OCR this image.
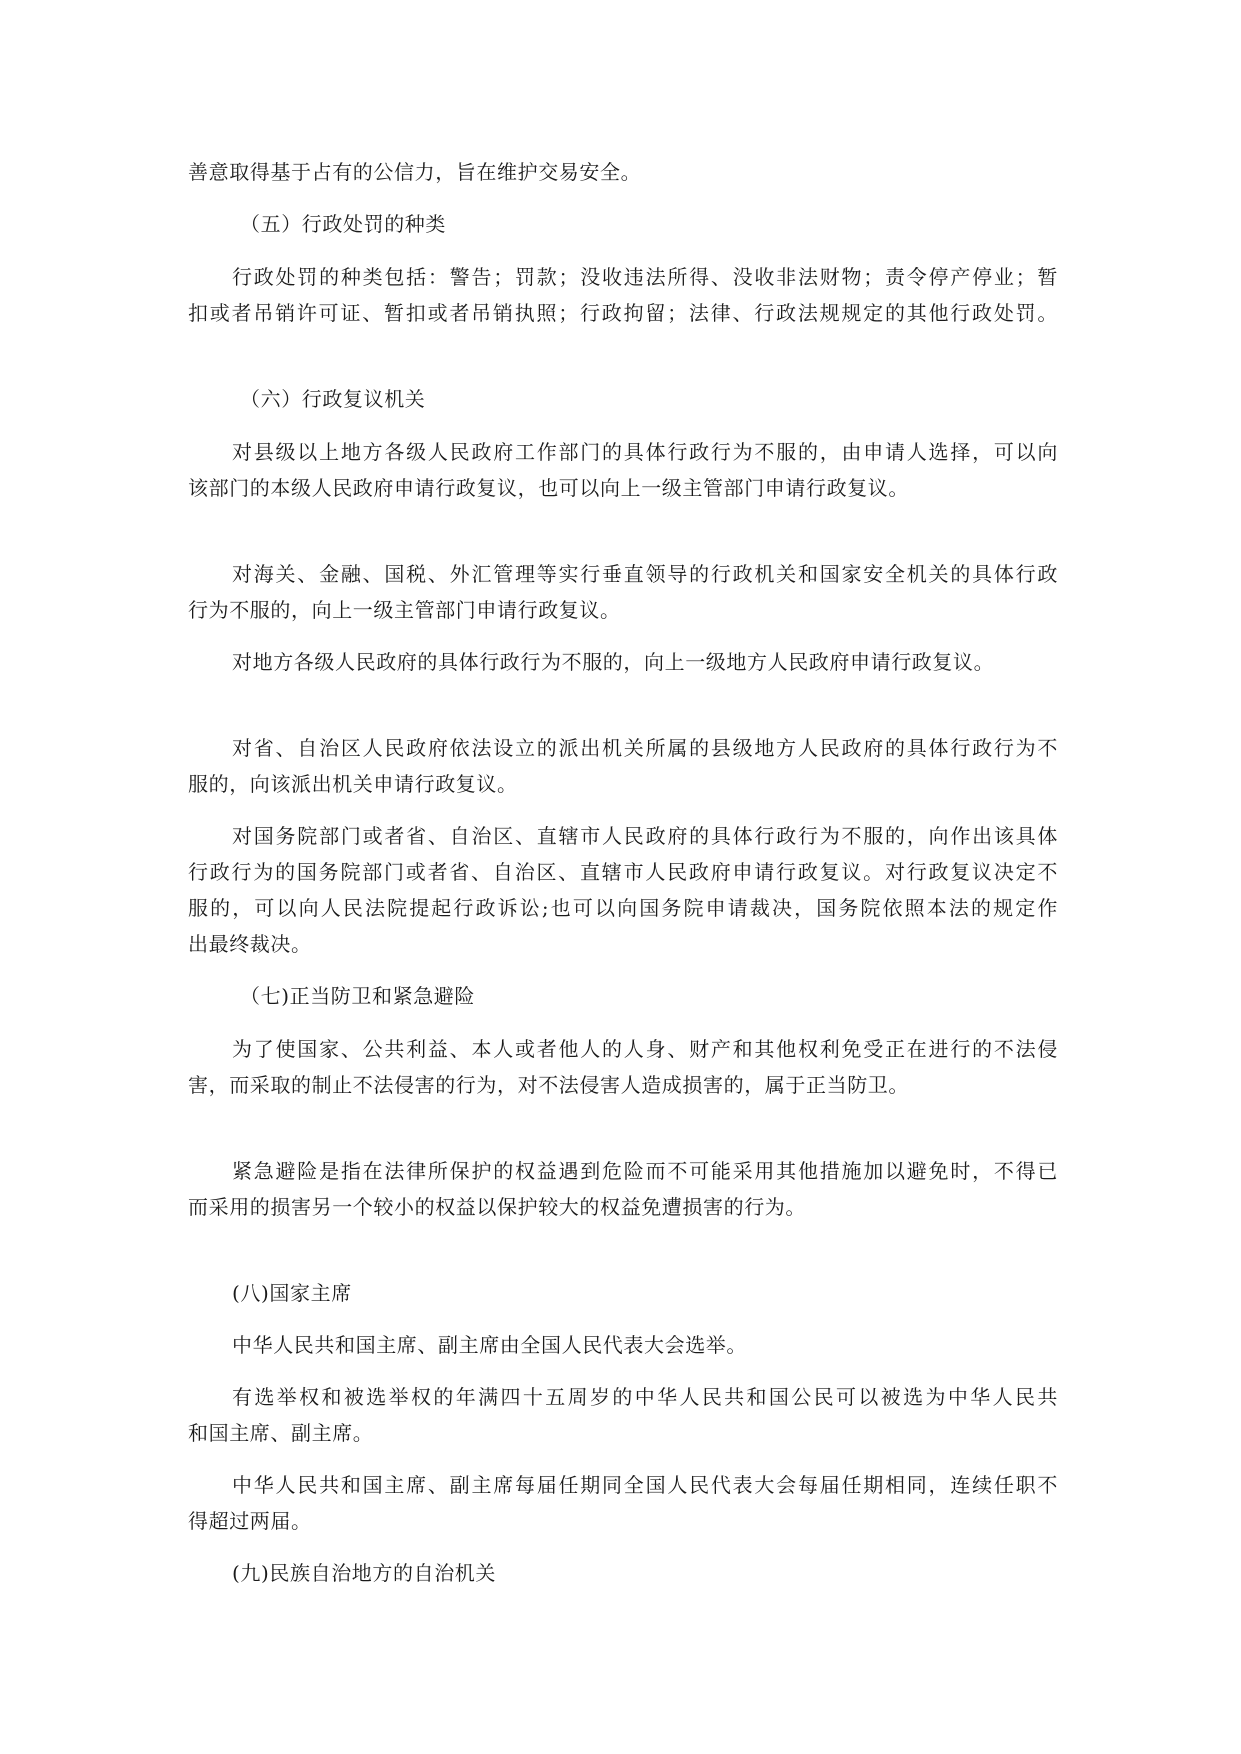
善意取得基于占有的公信力，旨在维护交易安全。

（五）行政处罚的种类

行政处罚的种类包括：警告；罚款；没收违法所得、没收非法财物；责令停产停业；暂

扣或者吊销许可证、暂扣或者吊销执照；行政拘留；法律、行政法规规定的其他行政处罚。

（六）行政复议机关

对县级以上地方各级人民政府工作部门的具体行政行为不服的，由申请人选择，可以向

该部门的本级人民政府申请行政复议，也可以向上一级主管部门申请行政复议。

对海关、金融、国税、外汇管理等实行垂直领导的行政机关和国家安全机关的具体行政

行为不服的，向上一级主管部门申请行政复议。

对地方各级人民政府的具体行政行为不服的，向上一级地方人民政府申请行政复议。

对省、自治区人民政府依法设立的派出机关所属的县级地方人民政府的具体行政行为不

服的，向该派出机关申请行政复议。

对国务院部门或者省、自治区、直辖市人民政府的具体行政行为不服的，向作出该具体

行政行为的国务院部门或者省、自治区、直辖市人民政府申请行政复议。对行政复议决定不

服的，可以向人民法院提起行政诉讼;也可以向国务院申请裁决，国务院依照本法的规定作

出最终裁决。

（七)正当防卫和紧急避险

为了使国家、公共利益、本人或者他人的人身、财产和其他权利免受正在进行的不法侵

害，而采取的制止不法侵害的行为，对不法侵害人造成损害的，属于正当防卫。

紧急避险是指在法律所保护的权益遇到危险而不可能采用其他措施加以避免时，不得已

而采用的损害另一个较小的权益以保护较大的权益免遭损害的行为。

(八)国家主席

中华人民共和国主席、副主席由全国人民代表大会选举。

有选举权和被选举权的年满四十五周岁的中华人民共和国公民可以被选为中华人民共

和国主席、副主席。

中华人民共和国主席、副主席每届任期同全国人民代表大会每届任期相同，连续任职不

得超过两届。

(九)民族自治地方的自治机关
